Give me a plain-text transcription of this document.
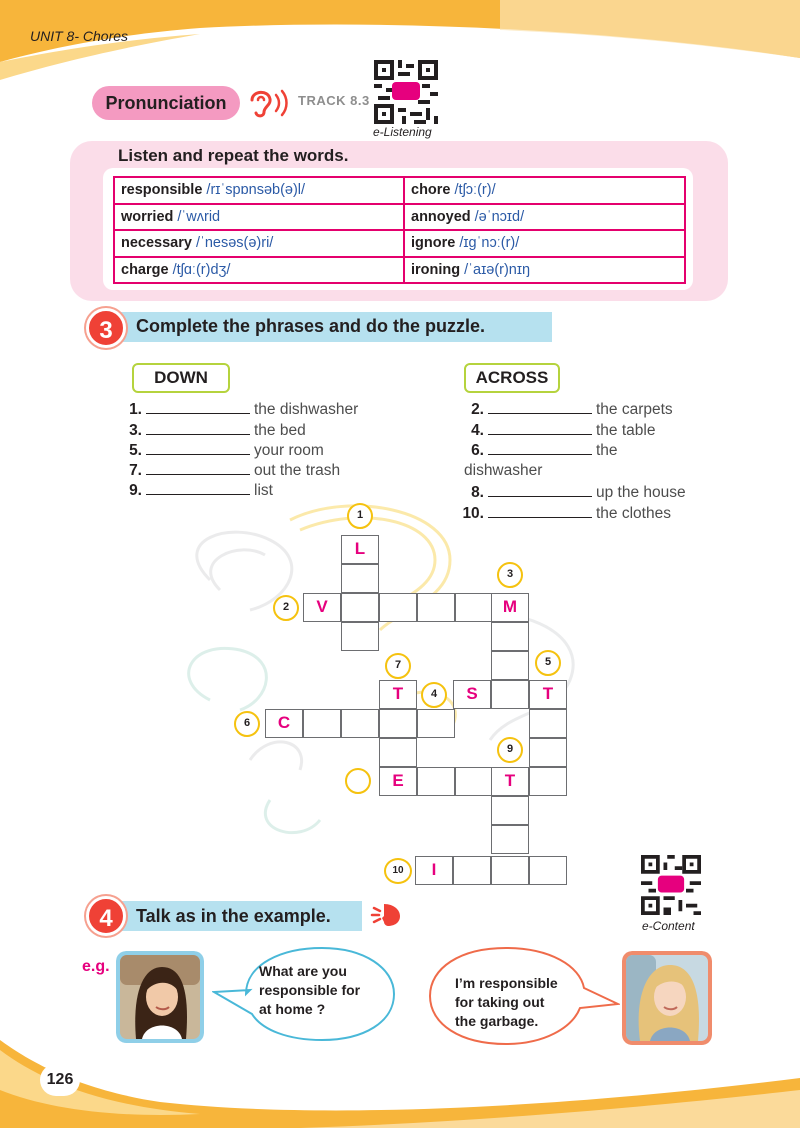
UNIT 8- Chores
Pronunciation	TRACK 8.3
e-Listening
Listen and repeat the words.
responsible /rɪˈspɒnsəb(ə)l/	chore /tʃɔː(r)/
worried /ˈwʌrid	annoyed /əˈnɔɪd/
necessary /ˈnesəs(ə)ri/	ignore /ɪgˈnɔː(r)/
charge /tʃɑː(r)dʒ/	ironing /ˈaɪə(r)nɪŋ
3	Complete the phrases and do the puzzle.
DOWN	ACROSS
1.	the dishwasher
3.	the bed
5.	your room
7.	out the trash
9.	list
2.	the carpets
4.	the table
6.	the
dishwasher
8.	up the house
10.	the clothes
L
V	M
S	T
T
C
E	T
I
1
2
3
7
4
5
6
9
10
4	Talk as in the example.	e-Content
e.g.	What are you
responsible for
at home ?
I’m responsible
for taking out
the garbage.
126
